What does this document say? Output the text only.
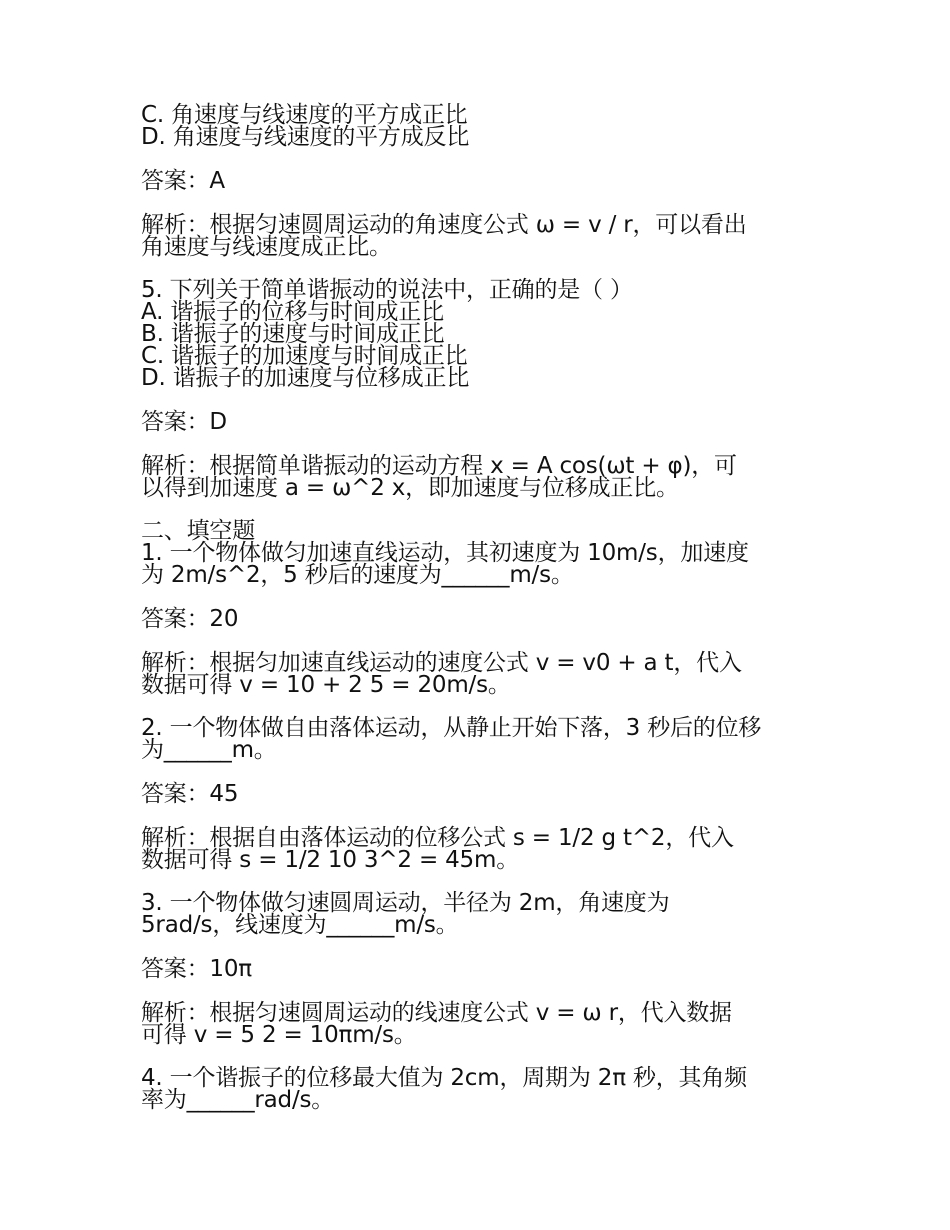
C. 角速度与线速度的平方成正比
D. 角速度与线速度的平方成反比
答案：A
解析：根据匀速圆周运动的角速度公式 ω = v / r，可以看出
角速度与线速度成正比。
5. 下列关于简单谐振动的说法中，正确的是（ ）
A. 谐振子的位移与时间成正比
B. 谐振子的速度与时间成正比
C. 谐振子的加速度与时间成正比
D. 谐振子的加速度与位移成正比
答案：D
解析：根据简单谐振动的运动方程 x = A cos(ωt + φ)，可
以得到加速度 a = ω^2 x，即加速度与位移成正比。
二、填空题
1. 一个物体做匀加速直线运动，其初速度为 10m/s，加速度
为 2m/s^2，5 秒后的速度为______m/s。
答案：20
解析：根据匀加速直线运动的速度公式 v = v0 + a t，代入
数据可得 v = 10 + 2 5 = 20m/s。
2. 一个物体做自由落体运动，从静止开始下落，3 秒后的位移
为______m。
答案：45
解析：根据自由落体运动的位移公式 s = 1/2 g t^2，代入
数据可得 s = 1/2 10 3^2 = 45m。
3. 一个物体做匀速圆周运动，半径为 2m，角速度为
5rad/s，线速度为______m/s。
答案：10π
解析：根据匀速圆周运动的线速度公式 v = ω r，代入数据
可得 v = 5 2 = 10πm/s。
4. 一个谐振子的位移最大值为 2cm，周期为 2π 秒，其角频
率为______rad/s。
